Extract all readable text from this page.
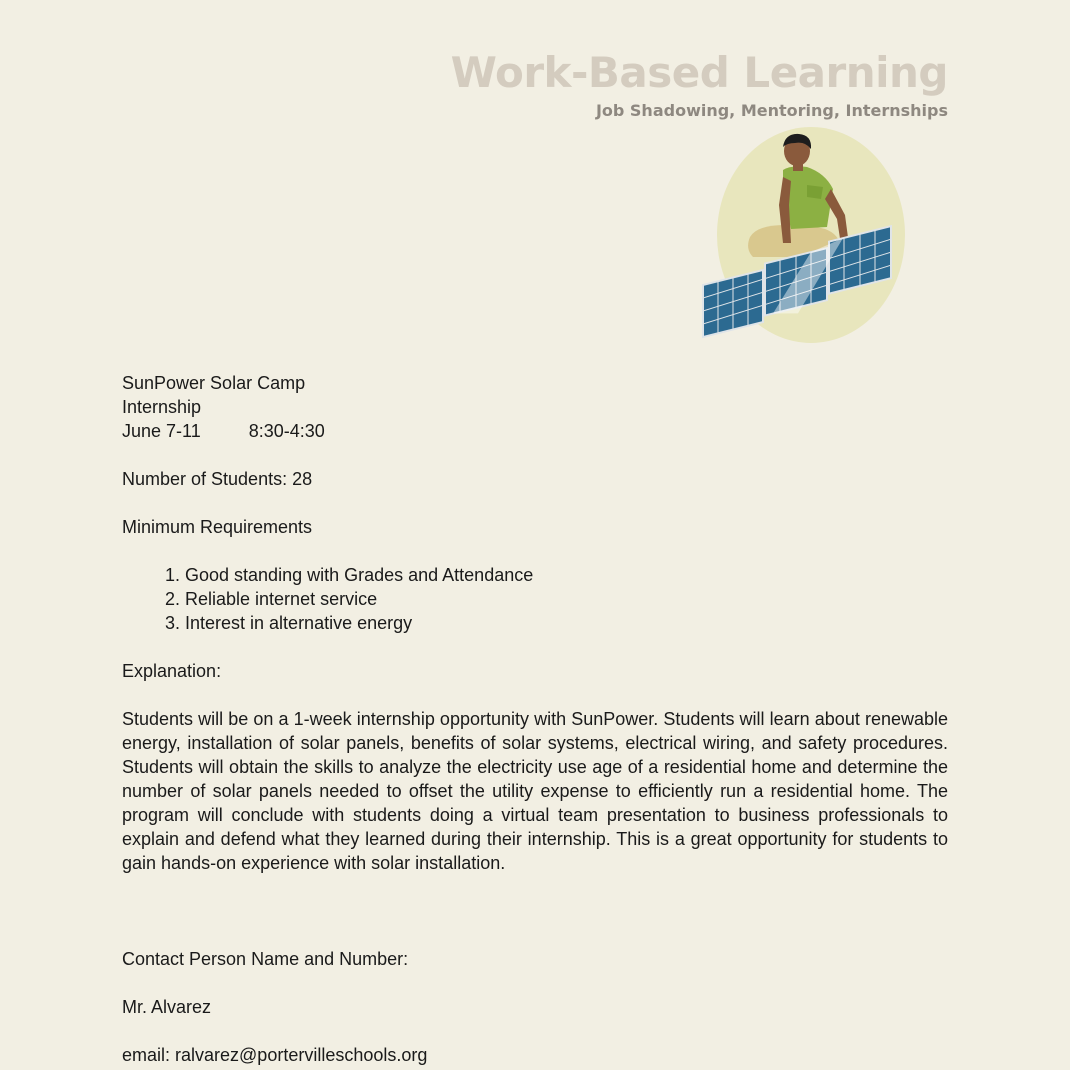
Work-Based Learning

Job Shadowing, Mentoring, Internships

SunPower Solar Camp

Internship

June 7-11	8:30-4:30

Number of Students: 28

Minimum Requirements

1. Good standing with Grades and Attendance
2. Reliable internet service
3. Interest in alternative energy

Explanation:

Students will be on a 1-week internship opportunity with SunPower. Students will learn about renewable energy, installation of solar panels, benefits of solar systems, electrical wiring, and safety procedures. Students will obtain the skills to analyze the electricity use age of a residential home and determine the number of solar panels needed to offset the utility expense to efficiently run a residential home. The program will conclude with students doing a virtual team presentation to business professionals to explain and defend what they learned during their internship. This is a great opportunity for students to gain hands-on experience with solar installation.

Contact Person Name and Number:

Mr. Alvarez

email: ralvarez@portervilleschools.org
